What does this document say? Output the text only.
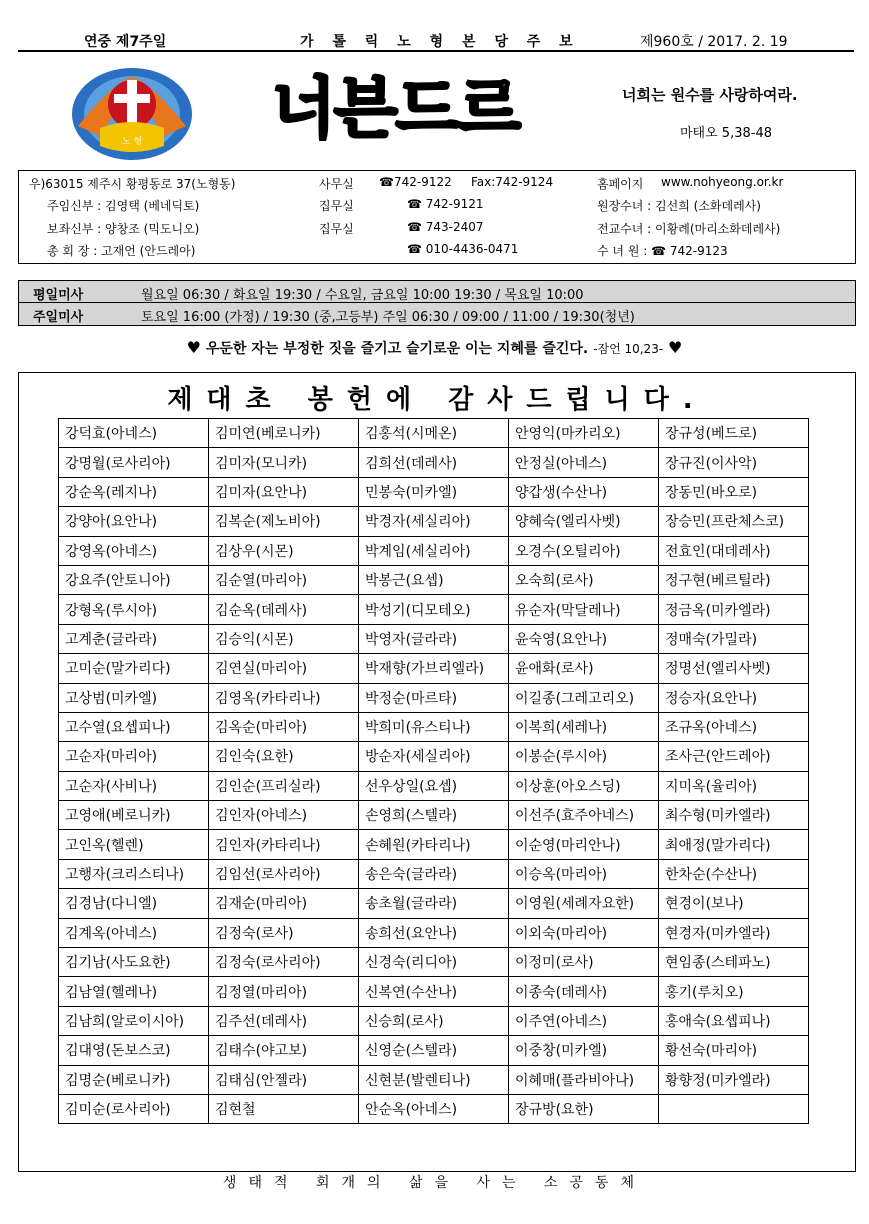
연중 제7주일	가 톨 릭 노 형 본 당 주 보	제960호 / 2017. 2. 19
노 형 너븐드르	너희는 원수를 사랑하여라.
마태오 5,38-48
우)63015 제주시 황평동로 37(노형동)	사무실 ☎742-9122 Fax:742-9124	홈페이지 www.nohyeong.or.kr
주임신부 : 김영택 (베네딕토)	집무실	☎ 742-9121	원장수녀 : 김선희 (소화데레사)
보좌신부 : 양창조 (믹도니오)	집무실	☎ 743-2407	전교수녀 : 이황례(마리소화데레사)
총 회 장 : 고재언 (안드레아)	☎ 010-4436-0471	수 녀 원 : ☎ 742-9123
평일미사	월요일 06:30 / 화요일 19:30 / 수요일, 금요일 10:00 19:30 / 목요일 10:00
주일미사	토요일 16:00 (가정) / 19:30 (중,고등부) 주일 06:30 / 09:00 / 11:00 / 19:30(청년)
♥ 우둔한 자는 부정한 짓을 즐기고 슬기로운 이는 지혜를 즐긴다. -잠언 10,23- ♥
제대초 봉헌에 감사드립니다.
강덕효(아네스)	김미연(베로니카)	김홍석(시메온)	안영익(마카리오)	장규성(베드로)
강명월(로사리아)	김미자(모니카)	김희선(데레사)	안정실(아네스)	장규진(이사악)
강순옥(레지나)	김미자(요안나)	민봉숙(미카엘)	양갑생(수산나)	장동민(바오로)
강양아(요안나)	김복순(제노비아)	박경자(세실리아)	양혜숙(엘리사벳)	장승민(프란체스코)
강영옥(아네스)	김상우(시몬)	박계임(세실리아)	오경수(오틸리아)	전효인(대데레사)
강요주(안토니아)	김순열(마리아)	박봉근(요셉)	오숙희(로사)	정구현(베르틸라)
강형옥(루시아)	김순옥(데레사)	박성기(디모테오)	유순자(막달레나)	정금옥(미카엘라)
고계춘(글라라)	김승익(시몬)	박영자(글라라)	윤숙영(요안나)	정매숙(가밀라)
고미순(말가리다)	김연실(마리아)	박재향(가브리엘라)	윤애화(로사)	정명선(엘리사벳)
고상범(미카엘)	김영옥(카타리나)	박정순(마르타)	이길종(그레고리오)	정승자(요안나)
고수열(요셉피나)	김옥순(마리아)	박희미(유스티나)	이복희(세레나)	조규옥(아네스)
고순자(마리아)	김인숙(요한)	방순자(세실리아)	이봉순(루시아)	조사근(안드레아)
고순자(사비나)	김인순(프리실라)	선우상일(요셉)	이상훈(아오스딩)	지미옥(율리아)
고영애(베로니카)	김인자(아네스)	손영희(스텔라)	이선주(효주아네스)	최수형(미카엘라)
고인옥(헬렌)	김인자(카타리나)	손혜원(카타리나)	이순영(마리안나)	최애정(말가리다)
고행자(크리스티나)	김임선(로사리아)	송은숙(글라라)	이승옥(마리아)	한차순(수산나)
김경남(다니엘)	김재순(마리아)	송초월(글라라)	이영원(세례자요한)	현경이(보나)
김계옥(아네스)	김정숙(로사)	송희선(요안나)	이외숙(마리아)	현경자(미카엘라)
김기남(사도요한)	김정숙(로사리아)	신경숙(리디아)	이정미(로사)	현임종(스테파노)
김남열(헬레나)	김정열(마리아)	신복연(수산나)	이종숙(데레사)	홍기(루치오)
김남희(알로이시아)	김주선(데레사)	신승희(로사)	이주연(아네스)	홍애숙(요셉피나)
김대영(돈보스코)	김태수(야고보)	신영순(스텔라)	이중창(미카엘)	황선숙(마리아)
김명순(베로니카)	김태심(안젤라)	신현분(발렌티나)	이혜매(플라비아나)	황향정(미카엘라)
김미순(로사리아)	김현철	안순옥(아네스)	장규방(요한)	
생태적 회개의 삶을 사는 소공동체
